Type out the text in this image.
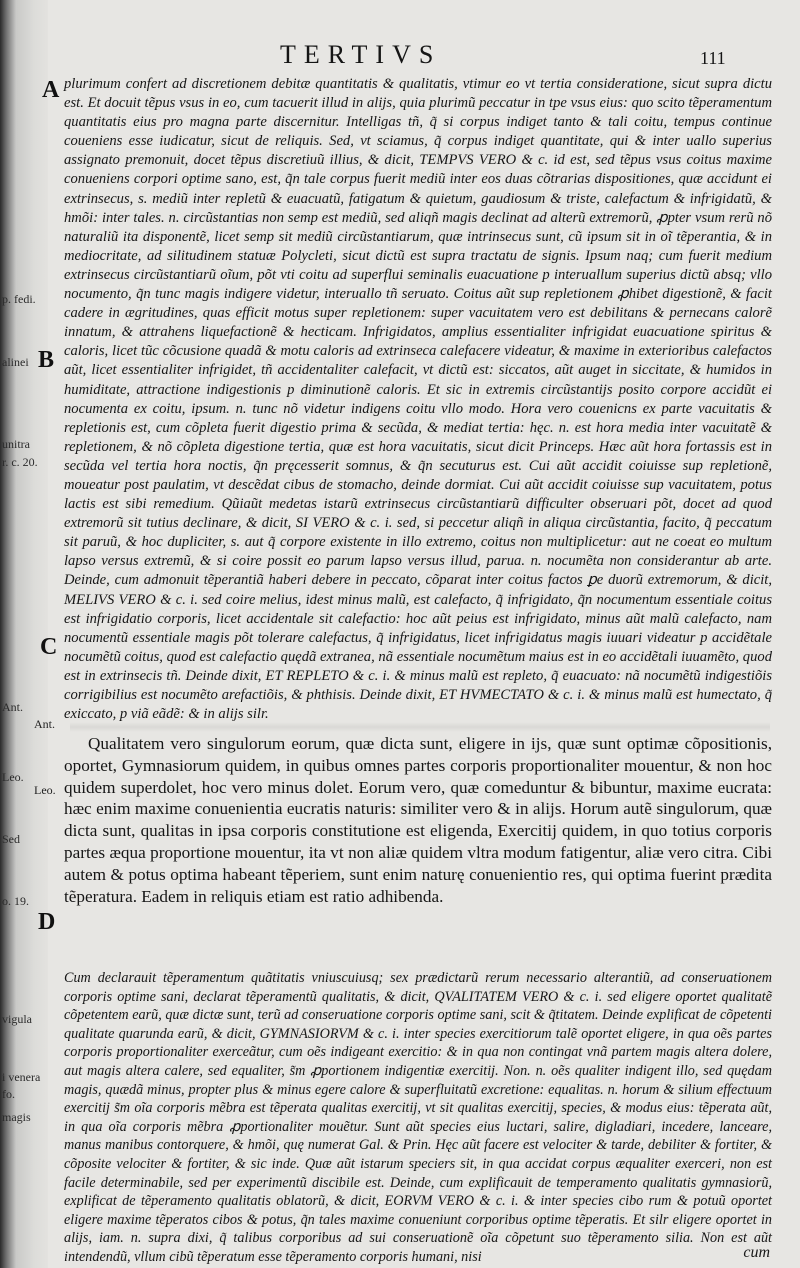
p. fedi.
alinei
unitra
r. c. 20.
Ant.
Leo.
Sed
o. 19.
vigula
i venera
fo.
magis
TERTIVS	111
A
B
C
D
Ant.
Leo.
plurimum confert ad discretionem debitæ quantitatis & qualitatis, vtimur eo vt tertia consideratione, sicut supra dictu est. Et docuit tẽpus vsus in eo, cum tacuerit illud in alijs, quia plurimũ peccatur in tpe vsus eius: quo scito tẽperamentum quantitatis eius pro magna parte discernitur. Intelligas tñ, q̃ si corpus indiget tanto & tali coitu, tempus continue coueniens esse iudicatur, sicut de reliquis. Sed, vt sciamus, q̃ corpus indiget quantitate, qui & inter uallo superius assignato premonuit, docet tẽpus discretiuũ illius, & dicit, TEMPVS VERO & c. id est, sed tẽpus vsus coitus maxime conueniens corpori optime sano, est, q̃n tale corpus fuerit mediũ inter eos duas cõtrarias dispositiones, quæ accidunt ei extrinsecus, s. mediũ inter repletũ & euacuatũ, fatigatum & quietum, gaudiosum & triste, calefactum & infrigidatũ, & hmõi: inter tales. n. circũstantias non semp est mediũ, sed aliqñ magis declinat ad alterũ extremorũ, ꝓpter vsum rerũ nõ naturaliũ ita disponentẽ, licet semp sit mediũ circũstantiarum, quæ intrinsecus sunt, cũ ipsum sit in oĩ tẽperantia, & in mediocritate, ad silitudinem statuæ Polycleti, sicut dictũ est supra tractatu de signis. Ipsum naq; cum fuerit medium extrinsecus circũstantiarũ oĩum, põt vti coitu ad superflui seminalis euacuatione p interuallum superius dictũ absq; vllo nocumento, q̃n tunc magis indigere videtur, interuallo tñ seruato. Coitus aũt sup repletionem ꝓhibet digestionẽ, & facit cadere in ægritudines, quas efficit motus super repletionem: super vacuitatem vero est debilitans & pernecans calorẽ innatum, & attrahens liquefactionẽ & hecticam. Infrigidatos, amplius essentialiter infrigidat euacuatione spiritus & caloris, licet tũc cõcusione quadã & motu caloris ad extrinseca calefacere videatur, & maxime in exterioribus calefactos aũt, licet essentialiter infrigidet, tñ accidentaliter calefacit, vt dictũ est: siccatos, aũt auget in siccitate, & humidos in humiditate, attractione indigestionis p diminutionẽ caloris. Et sic in extremis circũstantijs posito corpore accidũt ei nocumenta ex coitu, ipsum. n. tunc nõ videtur indigens coitu vllo modo. Hora vero couenicns ex parte vacuitatis & repletionis est, cum cõpleta fuerit digestio prima & secũda, & mediat tertia: hęc. n. est hora media inter vacuitatẽ & repletionem, & nõ cõpleta digestione tertia, quæ est hora vacuitatis, sicut dicit Princeps. Hæc aũt hora fortassis est in secũda vel tertia hora noctis, q̃n pręcesserit somnus, & q̃n secuturus est. Cui aũt accidit coiuisse sup repletionẽ, moueatur post paulatim, vt descẽdat cibus de stomacho, deinde dormiat. Cui aũt accidit coiuisse sup vacuitatem, potus lactis est sibi remedium. Qũiaũt medetas istarũ extrinsecus circũstantiarũ difficulter obseruari põt, docet ad quod extremorũ sit tutius declinare, & dicit, SI VERO & c. i. sed, si peccetur aliqñ in aliqua circũstantia, facito, q̃ peccatum sit paruũ, & hoc dupliciter, s. aut q̃ corpore existente in illo extremo, coitus non multiplicetur: aut ne coeat eo multum lapso versus extremũ, & si coire possit eo parum lapso versus illud, parua. n. nocumẽta non considerantur ab arte. Deinde, cum admonuit tẽperantiã haberi debere in peccato, cõparat inter coitus factos ꝑe duorũ extremorum, & dicit, MELIVS VERO & c. i. sed coire melius, idest minus malũ, est calefacto, q̃ infrigidato, q̃n nocumentum essentiale coitus est infrigidatio corporis, licet accidentale sit calefactio: hoc aũt peius est infrigidato, minus aũt malũ calefacto, nam nocumentũ essentiale magis põt tolerare calefactus, q̃ infrigidatus, licet infrigidatus magis iuuari videatur p accidẽtale nocumẽtũ coitus, quod est calefactio quędã extranea, nã essentiale nocumẽtum maius est in eo accidẽtali iuuamẽto, quod est in extrinsecis tñ. Deinde dixit, ET REPLETO & c. i. & minus malũ est repleto, q̃ euacuato: nã nocumẽtũ indigestiõis corrigibilius est nocumẽto arefactiõis, & phthisis. Deinde dixit, ET HVMECTATO & c. i. & minus malũ est humectato, q̃ exiccato, p viã eãdẽ: & in alijs silr.
Qualitatem vero singulorum eorum, quæ dicta sunt, eligere in ijs, quæ sunt optimæ cõpositionis, oportet, Gymnasiorum quidem, in quibus omnes partes corporis proportionaliter mouentur, & non hoc quidem superdolet, hoc vero minus dolet. Eorum vero, quæ comeduntur & bibuntur, maxime eucrata: hæc enim maxime conuenientia eucratis naturis: similiter vero & in alijs. Horum autẽ singulorum, quæ dicta sunt, qualitas in ipsa corporis constitutione est eligenda, Exercitij quidem, in quo totius corporis partes æqua proportione mouentur, ita vt non aliæ quidem vltra modum fatigentur, aliæ vero citra. Cibi autem & potus optima habeant tẽperiem, sunt enim naturę conuenientio res, qui optima fuerint prædita tẽperatura. Eadem in reliquis etiam est ratio adhibenda.
Cum declarauit tẽperamentum quãtitatis vniuscuiusq; sex prædictarũ rerum necessario alterantiũ, ad conseruationem corporis optime sani, declarat tẽperamentũ qualitatis, & dicit, QVALITATEM VERO & c. i. sed eligere oportet qualitatẽ cõpetentem earũ, quæ dictæ sunt, terũ ad conseruatione corporis optime sani, scit & q̃titatem. Deinde explificat de cõpetenti qualitate quarunda earũ, & dicit, GYMNASIORVM & c. i. inter species exercitiorum talẽ oportet eligere, in qua oẽs partes corporis proportionaliter exerceãtur, cum oẽs indigeant exercitio: & in qua non contingat vnã partem magis altera dolere, aut magis altera calere, sed equaliter, s̃m ꝓportionem indigentiæ exercitij. Non. n. oẽs qualiter indigent illo, sed quędam magis, quædã minus, propter plus & minus egere calore & superfluitatũ excretione: equalitas. n. horum & silium effectuum exercitij s̃m oĩa corporis mẽbra est tẽperata qualitas exercitij, vt sit qualitas exercitij, species, & modus eius: tẽperata aũt, in qua oĩa corporis mẽbra ꝓportionaliter mouẽtur. Sunt aũt species eius luctari, salire, digladiari, incedere, lanceare, manus manibus contorquere, & hmõi, quę numerat Gal. & Prin. Hęc aũt facere est velociter & tarde, debiliter & fortiter, & cõposite velociter & fortiter, & sic inde. Quæ aũt istarum speciers sit, in qua accidat corpus æqualiter exerceri, non est facile determinabile, sed per experimentũ discibile est. Deinde, cum explificauit de temperamento qualitatis gymnasiorũ, explificat de tẽperamento qualitatis oblatorũ, & dicit, EORVM VERO & c. i. & inter species cibo rum & potuũ oportet eligere maxime tẽperatos cibos & potus, q̃n tales maxime conueniunt corporibus optime tẽperatis. Et silr eligere oportet in alijs, iam. n. supra dixi, q̃ talibus corporibus ad sui conseruationẽ oĩa cõpetunt suo tẽperamento silia. Non est aũt intendendũ, vllum cibũ tẽperatum esse tẽperamento corporis humani, nisi	cum
